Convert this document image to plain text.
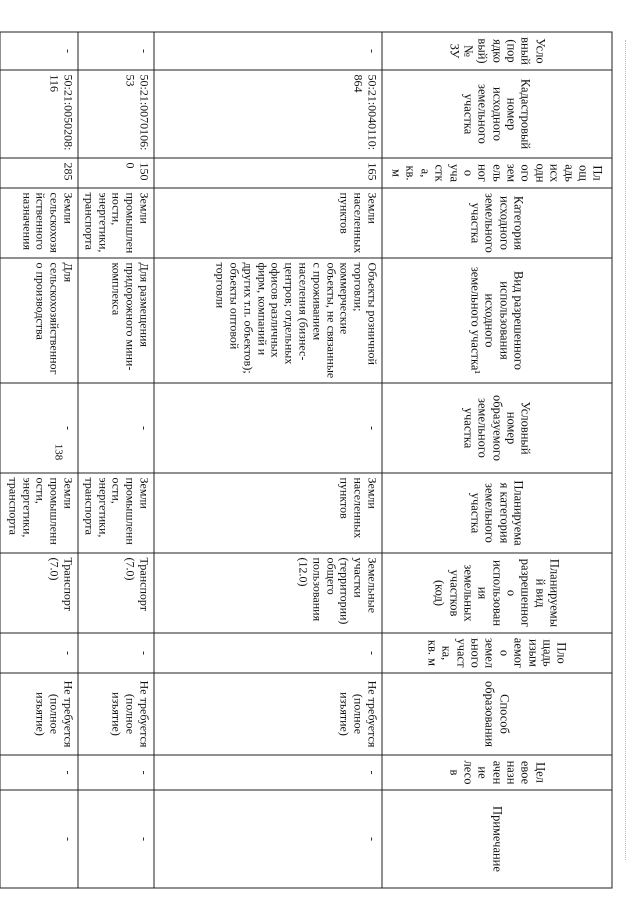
138
Условный (порядковый) № ЗУ	Кадастровый номер исходного земельного участка	Площадь исходного земельного участка, кв. м	Категория исходного земельного участка	Вид разрешенного использования исходного земельного участка¹	Условный номер образуемого земельного участка	Планируемая категория земельного участка	Планируемый вид разрешенного использования земельных участков (код)	Площадь изымаемого земельного участка, кв. м	Способ образования	Целевое назначение лесов	Примечание
-	50:21:0040110:864	165	Земли населенных пунктов	Объекты розничной торговли; коммерческие объекты, не связанные с проживанием населения (бизнес-центров; отдельных офисов различных фирм, компаний и других т.п. объектов); объекты оптовой торговли	-	Земли населенных пунктов	Земельные участки (территории) общего пользования (12.0)	-	Не требуется (полное изъятие)	-	-
-	50:21:0070106:53	1500	Земли промышленности, энергетики, транспорта	Для размещения придорожного мини-комплекса	-	Земли промышленности, энергетики, транспорта	Транспорт (7.0)	-	Не требуется (полное изъятие)	-	-
-	50:21:0050208:116	285	Земли сельскохозяйственного назначения	Для сельскохозяйственного производства	-	Земли промышленности, энергетики, транспорта	Транспорт (7.0)	-	Не требуется (полное изъятие)	-	-
